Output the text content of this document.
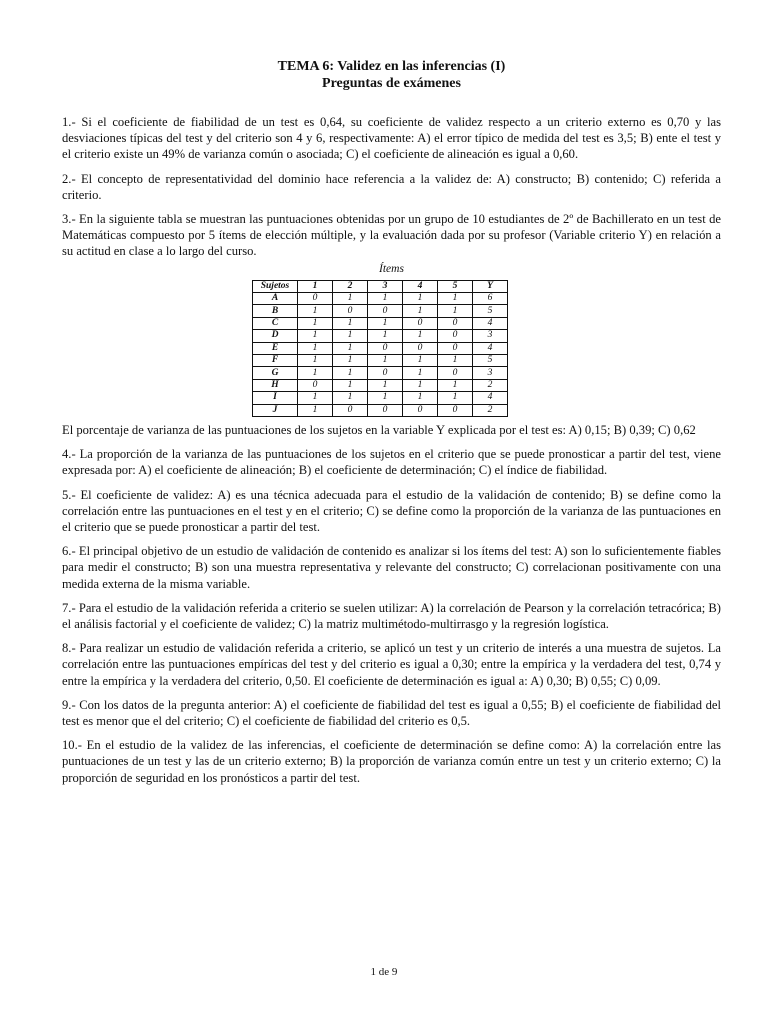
TEMA 6: Validez en las inferencias (I)
Preguntas de exámenes

1.- Si el coeficiente de fiabilidad de un test es 0,64, su coeficiente de validez respecto a un criterio externo es 0,70 y las desviaciones típicas del test y del criterio son 4 y 6, respectivamente: A) el error típico de medida del test es 3,5; B) ente el test y el criterio existe un 49% de varianza común o asociada; C) el coeficiente de alineación es igual a 0,60.

2.- El concepto de representatividad del dominio hace referencia a la validez de: A) constructo; B) contenido; C) referida a criterio.

3.- En la siguiente tabla se muestran las puntuaciones obtenidas por un grupo de 10 estudiantes de 2º de Bachillerato en un test de Matemáticas compuesto por 5 ítems de elección múltiple, y la evaluación dada por su profesor (Variable criterio Y) en relación a su actitud en clase a lo largo del curso.

Ítems
Sujetos	1	2	3	4	5	Y
A	0	1	1	1	1	6
B	1	0	0	1	1	5
C	1	1	1	0	0	4
D	1	1	1	1	0	3
E	1	1	0	0	0	4
F	1	1	1	1	1	5
G	1	1	0	1	0	3
H	0	1	1	1	1	2
I	1	1	1	1	1	4
J	1	0	0	0	0	2

El porcentaje de varianza de las puntuaciones de los sujetos en la variable Y explicada por el test es: A) 0,15; B) 0,39; C) 0,62

4.- La proporción de la varianza de las puntuaciones de los sujetos en el criterio que se puede pronosticar a partir del test, viene expresada por: A) el coeficiente de alineación; B) el coeficiente de determinación; C) el índice de fiabilidad.

5.- El coeficiente de validez: A) es una técnica adecuada para el estudio de la validación de contenido; B) se define como la correlación entre las puntuaciones en el test y en el criterio; C) se define como la proporción de la varianza de las puntuaciones en el criterio que se puede pronosticar a partir del test.

6.- El principal objetivo de un estudio de validación de contenido es analizar si los ítems del test: A) son lo suficientemente fiables para medir el constructo; B) son una muestra representativa y relevante del constructo; C) correlacionan positivamente con una medida externa de la misma variable.

7.- Para el estudio de la validación referida a criterio se suelen utilizar: A) la correlación de Pearson y la correlación tetracórica; B) el análisis factorial y el coeficiente de validez; C) la matriz multimétodo-multirrasgo y la regresión logística.

8.- Para realizar un estudio de validación referida a criterio, se aplicó un test y un criterio de interés a una muestra de sujetos. La correlación entre las puntuaciones empíricas del test y del criterio es igual a 0,30; entre la empírica y la verdadera del test, 0,74 y entre la empírica y la verdadera del criterio, 0,50. El coeficiente de determinación es igual a: A) 0,30; B) 0,55; C) 0,09.

9.- Con los datos de la pregunta anterior: A) el coeficiente de fiabilidad del test es igual a 0,55; B) el coeficiente de fiabilidad del test es menor que el del criterio; C) el coeficiente de fiabilidad del criterio es 0,5.

10.- En el estudio de la validez de las inferencias, el coeficiente de determinación se define como: A) la correlación entre las puntuaciones de un test y las de un criterio externo; B) la proporción de varianza común entre un test y un criterio externo; C) la proporción de seguridad en los pronósticos a partir del test.

1 de 9
